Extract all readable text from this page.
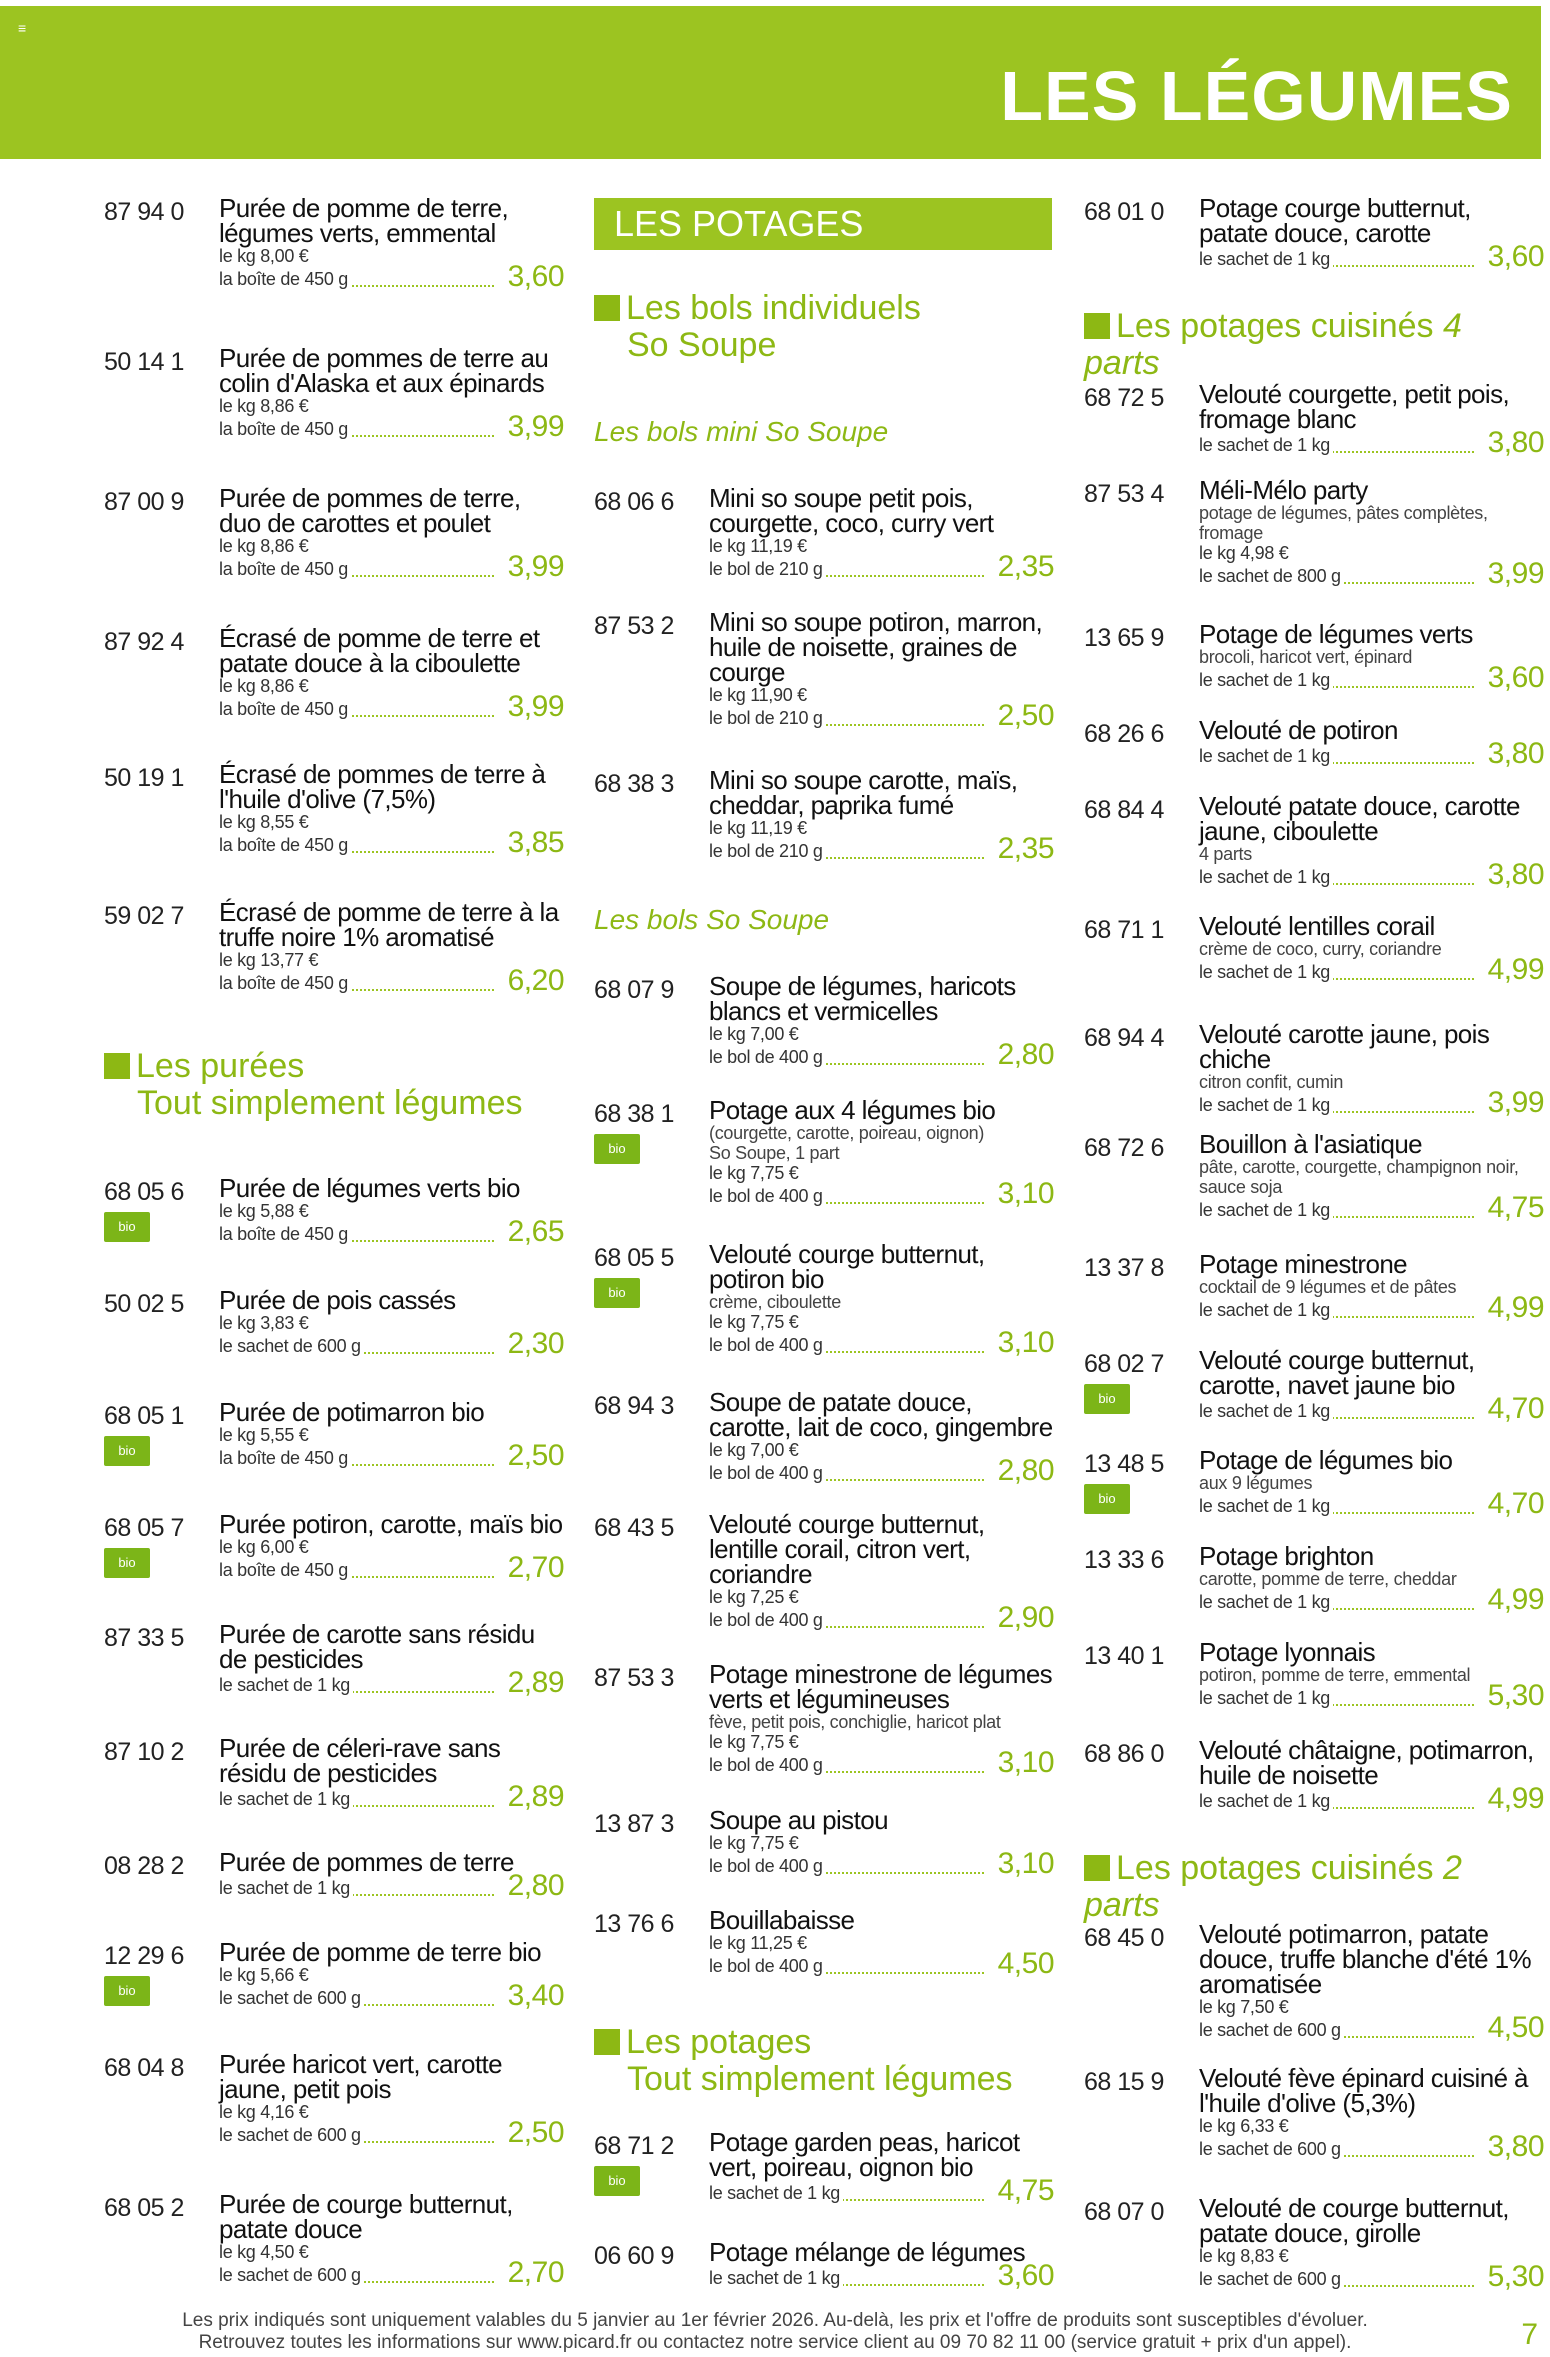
≡
LES LÉGUMES
Les purées
Tout simplement légumes
87 94 0 Purée de pomme de terre, légumes verts, emmental
le kg 8,00 €
la boîte de 450 g	3,60
50 14 1 Purée de pommes de terre au colin d'Alaska et aux épinards
le kg 8,86 €
la boîte de 450 g	3,99
87 00 9 Purée de pommes de terre, duo de carottes et poulet
le kg 8,86 €
la boîte de 450 g	3,99
87 92 4 Écrasé de pomme de terre et patate douce à la ciboulette
le kg 8,86 €
la boîte de 450 g	3,99
50 19 1 Écrasé de pommes de terre à l'huile d'olive (7,5%)
le kg 8,55 €
la boîte de 450 g	3,85
59 02 7 Écrasé de pomme de terre à la truffe noire 1% aromatisé
le kg 13,77 €
la boîte de 450 g	6,20
68 05 6
bio
Purée de légumes verts bio
le kg 5,88 €
la boîte de 450 g	2,65
50 02 5 Purée de pois cassés
le kg 3,83 €
le sachet de 600 g	2,30
68 05 1
bio
Purée de potimarron bio
le kg 5,55 €
la boîte de 450 g	2,50
68 05 7
bio
Purée potiron, carotte, maïs bio
le kg 6,00 €
la boîte de 450 g	2,70
87 33 5 Purée de carotte sans résidu de pesticides
le sachet de 1 kg	2,89
87 10 2 Purée de céleri-rave sans résidu de pesticides
le sachet de 1 kg	2,89
08 28 2 Purée de pommes de terre
le sachet de 1 kg	2,80
12 29 6
bio
Purée de pomme de terre bio
le kg 5,66 €
le sachet de 600 g	3,40
68 04 8 Purée haricot vert, carotte jaune, petit pois
le kg 4,16 €
le sachet de 600 g	2,50
68 05 2 Purée de courge butternut, patate douce
le kg 4,50 €
le sachet de 600 g	2,70
LES POTAGES
Les bols individuels
So Soupe
Les bols mini So Soupe
Les bols So Soupe
Les potages
Tout simplement légumes
68 06 6 Mini so soupe petit pois, courgette, coco, curry vert
le kg 11,19 €
le bol de 210 g	2,35
87 53 2 Mini so soupe potiron, marron, huile de noisette, graines de courge
le kg 11,90 €
le bol de 210 g	2,50
68 38 3 Mini so soupe carotte, maïs, cheddar, paprika fumé
le kg 11,19 €
le bol de 210 g	2,35
68 07 9 Soupe de légumes, haricots blancs et vermicelles
le kg 7,00 €
le bol de 400 g	2,80
68 38 1
bio
Potage aux 4 légumes bio
(courgette, carotte, poireau, oignon)
So Soupe, 1 part
le kg 7,75 €
le bol de 400 g	3,10
68 05 5
bio
Velouté courge butternut, potiron bio
crème, ciboulette
le kg 7,75 €
le bol de 400 g	3,10
68 94 3 Soupe de patate douce, carotte, lait de coco, gingembre
le kg 7,00 €
le bol de 400 g	2,80
68 43 5 Velouté courge butternut, lentille corail, citron vert, coriandre
le kg 7,25 €
le bol de 400 g	2,90
87 53 3 Potage minestrone de légumes verts et légumineuses
fève, petit pois, conchiglie, haricot plat
le kg 7,75 €
le bol de 400 g	3,10
13 87 3 Soupe au pistou
le kg 7,75 €
le bol de 400 g	3,10
13 76 6 Bouillabaisse
le kg 11,25 €
le bol de 400 g	4,50
68 71 2
bio
Potage garden peas, haricot vert, poireau, oignon bio
le sachet de 1 kg	4,75
06 60 9 Potage mélange de légumes
le sachet de 1 kg	3,60
Les potages cuisinés 4 parts
Les potages cuisinés 2 parts
68 01 0 Potage courge butternut, patate douce, carotte
le sachet de 1 kg	3,60
68 72 5 Velouté courgette, petit pois, fromage blanc
le sachet de 1 kg	3,80
87 53 4 Méli-Mélo party
potage de légumes, pâtes complètes, fromage
le kg 4,98 €
le sachet de 800 g	3,99
13 65 9 Potage de légumes verts
brocoli, haricot vert, épinard
le sachet de 1 kg	3,60
68 26 6 Velouté de potiron
le sachet de 1 kg	3,80
68 84 4 Velouté patate douce, carotte jaune, ciboulette
4 parts
le sachet de 1 kg	3,80
68 71 1 Velouté lentilles corail
crème de coco, curry, coriandre
le sachet de 1 kg	4,99
68 94 4 Velouté carotte jaune, pois chiche
citron confit, cumin
le sachet de 1 kg	3,99
68 72 6 Bouillon à l'asiatique
pâte, carotte, courgette, champignon noir, sauce soja
le sachet de 1 kg	4,75
13 37 8 Potage minestrone
cocktail de 9 légumes et de pâtes
le sachet de 1 kg	4,99
68 02 7
bio
Velouté courge butternut, carotte, navet jaune bio
le sachet de 1 kg	4,70
13 48 5
bio
Potage de légumes bio
aux 9 légumes
le sachet de 1 kg	4,70
13 33 6 Potage brighton
carotte, pomme de terre, cheddar
le sachet de 1 kg	4,99
13 40 1 Potage lyonnais
potiron, pomme de terre, emmental
le sachet de 1 kg	5,30
68 86 0 Velouté châtaigne, potimarron, huile de noisette
le sachet de 1 kg	4,99
68 45 0 Velouté potimarron, patate douce, truffe blanche d'été 1% aromatisée
le kg 7,50 €
le sachet de 600 g	4,50
68 15 9 Velouté fève épinard cuisiné à l'huile d'olive (5,3%)
le kg 6,33 €
le sachet de 600 g	3,80
68 07 0 Velouté de courge butternut, patate douce, girolle
le kg 8,83 €
le sachet de 600 g	5,30
Les prix indiqués sont uniquement valables du 5 janvier au 1er février 2026. Au-delà, les prix et l'offre de produits sont susceptibles d'évoluer.
Retrouvez toutes les informations sur www.picard.fr ou contactez notre service client au 09 70 82 11 00 (service gratuit + prix d'un appel).	7
